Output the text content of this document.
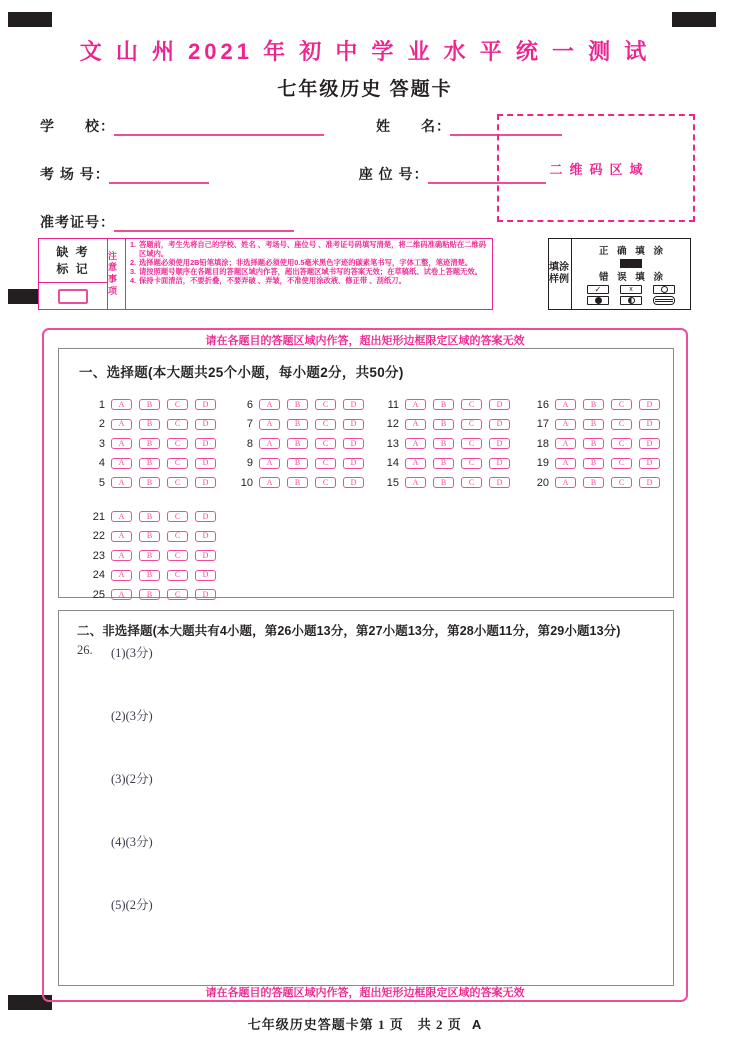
文 山 州 2021 年 初 中 学 业 水 平 统 一 测 试
七年级历史 答题卡
学　　校 ：	姓　　名 ：
考 场 号 ：	座 位 号 ：
准考证号 ：
二维码区域
缺 考
标 记
注意事项
1. 答题前，考生先将自己的学校、姓名 、考场号、座位号 、准考证号码填写清楚，将二维码准确粘贴在二维码区域内。
2. 选择题必须使用2B铅笔填涂；非选择题必须使用0.5毫米黑色字迹的碳素笔书写，字体工整，笔迹清楚。
3. 请按照题号顺序在各题目的答题区域内作答，超出答题区域书写的答案无效；在草稿纸、试卷上答题无效。
4. 保持卡面清洁，不要折叠，不要弄破 、弄皱，不准使用涂改液、修正带 、刮纸刀。
填涂样例
正 确 填 涂
错 误 填 涂
✓	x
请在各题目的答题区域内作答，超出矩形边框限定区域的答案无效
请在各题目的答题区域内作答，超出矩形边框限定区域的答案无效
一、选择题(本大题共25个小题，每小题2分，共50分)
1	A	B	C	D
2	A	B	C	D
3	A	B	C	D
4	A	B	C	D
5	A	B	C	D
6	A	B	C	D
7	A	B	C	D
8	A	B	C	D
9	A	B	C	D
10	A	B	C	D
11	A	B	C	D
12	A	B	C	D
13	A	B	C	D
14	A	B	C	D
15	A	B	C	D
16	A	B	C	D
17	A	B	C	D
18	A	B	C	D
19	A	B	C	D
20	A	B	C	D
21	A	B	C	D
22	A	B	C	D
23	A	B	C	D
24	A	B	C	D
25	A	B	C	D
二、非选择题(本大题共有4小题，第26小题13分，第27小题13分，第28小题11分，第29小题13分)
26. (1)(3分)
(2)(3分)
(3)(2分)
(4)(3分)
(5)(2分)
七年级历史答题卡第 1 页　共 2 页 A
